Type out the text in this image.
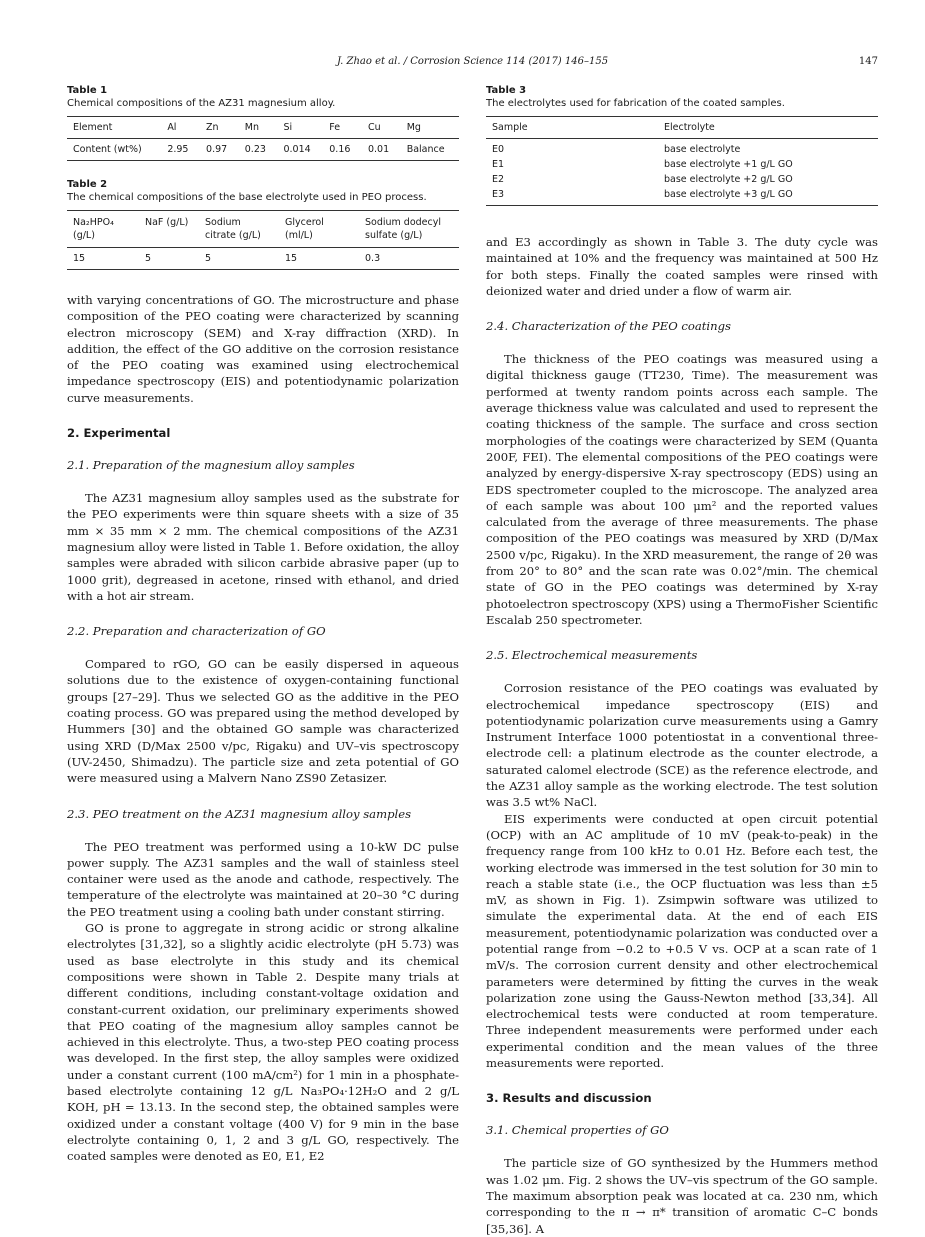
J. Zhao et al. / Corrosion Science 114 (2017) 146–155	147
Table 1
Chemical compositions of the AZ31 magnesium alloy.
Element	Al	Zn	Mn	Si	Fe	Cu	Mg
Content (wt%)	2.95	0.97	0.23	0.014	0.16	0.01	Balance
Table 2
The chemical compositions of the base electrolyte used in PEO process.
Na₂HPO₄ (g/L)	NaF (g/L)	Sodium citrate (g/L)	Glycerol (ml/L)	Sodium dodecyl sulfate (g/L)
15	5	5	15	0.3

with varying concentrations of GO. The microstructure and phase composition of the PEO coating were characterized by scanning electron microscopy (SEM) and X-ray diffraction (XRD). In addition, the effect of the GO additive on the corrosion resistance of the PEO coating was examined using electrochemical impedance spectroscopy (EIS) and potentiodynamic polarization curve measurements.

2. Experimental
2.1. Preparation of the magnesium alloy samples

The AZ31 magnesium alloy samples used as the substrate for the PEO experiments were thin square sheets with a size of 35 mm × 35 mm × 2 mm. The chemical compositions of the AZ31 magnesium alloy were listed in Table 1. Before oxidation, the alloy samples were abraded with silicon carbide abrasive paper (up to 1000 grit), degreased in acetone, rinsed with ethanol, and dried with a hot air stream.

2.2. Preparation and characterization of GO

Compared to rGO, GO can be easily dispersed in aqueous solutions due to the existence of oxygen-containing functional groups [27–29]. Thus we selected GO as the additive in the PEO coating process. GO was prepared using the method developed by Hummers [30] and the obtained GO sample was characterized using XRD (D/Max 2500 v/pc, Rigaku) and UV–vis spectroscopy (UV-2450, Shimadzu). The particle size and zeta potential of GO were measured using a Malvern Nano ZS90 Zetasizer.

2.3. PEO treatment on the AZ31 magnesium alloy samples

The PEO treatment was performed using a 10-kW DC pulse power supply. The AZ31 samples and the wall of stainless steel container were used as the anode and cathode, respectively. The temperature of the electrolyte was maintained at 20–30 °C during the PEO treatment using a cooling bath under constant stirring.

GO is prone to aggregate in strong acidic or strong alkaline electrolytes [31,32], so a slightly acidic electrolyte (pH 5.73) was used as base electrolyte in this study and its chemical compositions were shown in Table 2. Despite many trials at different conditions, including constant-voltage oxidation and constant-current oxidation, our preliminary experiments showed that PEO coating of the magnesium alloy samples cannot be achieved in this electrolyte. Thus, a two-step PEO coating process was developed. In the first step, the alloy samples were oxidized under a constant current (100 mA/cm²) for 1 min in a phosphate-based electrolyte containing 12 g/L Na₃PO₄·12H₂O and 2 g/L KOH, pH = 13.13. In the second step, the obtained samples were oxidized under a constant voltage (400 V) for 9 min in the base electrolyte containing 0, 1, 2 and 3 g/L GO, respectively. The coated samples were denoted as E0, E1, E2

Table 3
The electrolytes used for fabrication of the coated samples.
Sample	Electrolyte
E0	base electrolyte
E1	base electrolyte +1 g/L GO
E2	base electrolyte +2 g/L GO
E3	base electrolyte +3 g/L GO

and E3 accordingly as shown in Table 3. The duty cycle was maintained at 10% and the frequency was maintained at 500 Hz for both steps. Finally the coated samples were rinsed with deionized water and dried under a flow of warm air.

2.4. Characterization of the PEO coatings

The thickness of the PEO coatings was measured using a digital thickness gauge (TT230, Time). The measurement was performed at twenty random points across each sample. The average thickness value was calculated and used to represent the coating thickness of the sample. The surface and cross section morphologies of the coatings were characterized by SEM (Quanta 200F, FEI). The elemental compositions of the PEO coatings were analyzed by energy-dispersive X-ray spectroscopy (EDS) using an EDS spectrometer coupled to the microscope. The analyzed area of each sample was about 100 μm² and the reported values calculated from the average of three measurements. The phase composition of the PEO coatings was measured by XRD (D/Max 2500 v/pc, Rigaku). In the XRD measurement, the range of 2θ was from 20° to 80° and the scan rate was 0.02°/min. The chemical state of GO in the PEO coatings was determined by X-ray photoelectron spectroscopy (XPS) using a ThermoFisher Scientific Escalab 250 spectrometer.

2.5. Electrochemical measurements

Corrosion resistance of the PEO coatings was evaluated by electrochemical impedance spectroscopy (EIS) and potentiodynamic polarization curve measurements using a Gamry Instrument Interface 1000 potentiostat in a conventional three-electrode cell: a platinum electrode as the counter electrode, a saturated calomel electrode (SCE) as the reference electrode, and the AZ31 alloy sample as the working electrode. The test solution was 3.5 wt% NaCl.

EIS experiments were conducted at open circuit potential (OCP) with an AC amplitude of 10 mV (peak-to-peak) in the frequency range from 100 kHz to 0.01 Hz. Before each test, the working electrode was immersed in the test solution for 30 min to reach a stable state (i.e., the OCP fluctuation was less than ±5 mV, as shown in Fig. 1). Zsimpwin software was utilized to simulate the experimental data. At the end of each EIS measurement, potentiodynamic polarization was conducted over a potential range from −0.2 to +0.5 V vs. OCP at a scan rate of 1 mV/s. The corrosion current density and other electrochemical parameters were determined by fitting the curves in the weak polarization zone using the Gauss-Newton method [33,34]. All electrochemical tests were conducted at room temperature. Three independent measurements were performed under each experimental condition and the mean values of the three measurements were reported.

3. Results and discussion
3.1. Chemical properties of GO

The particle size of GO synthesized by the Hummers method was 1.02 μm. Fig. 2 shows the UV–vis spectrum of the GO sample. The maximum absorption peak was located at ca. 230 nm, which corresponding to the π → π* transition of aromatic C–C bonds [35,36]. A
